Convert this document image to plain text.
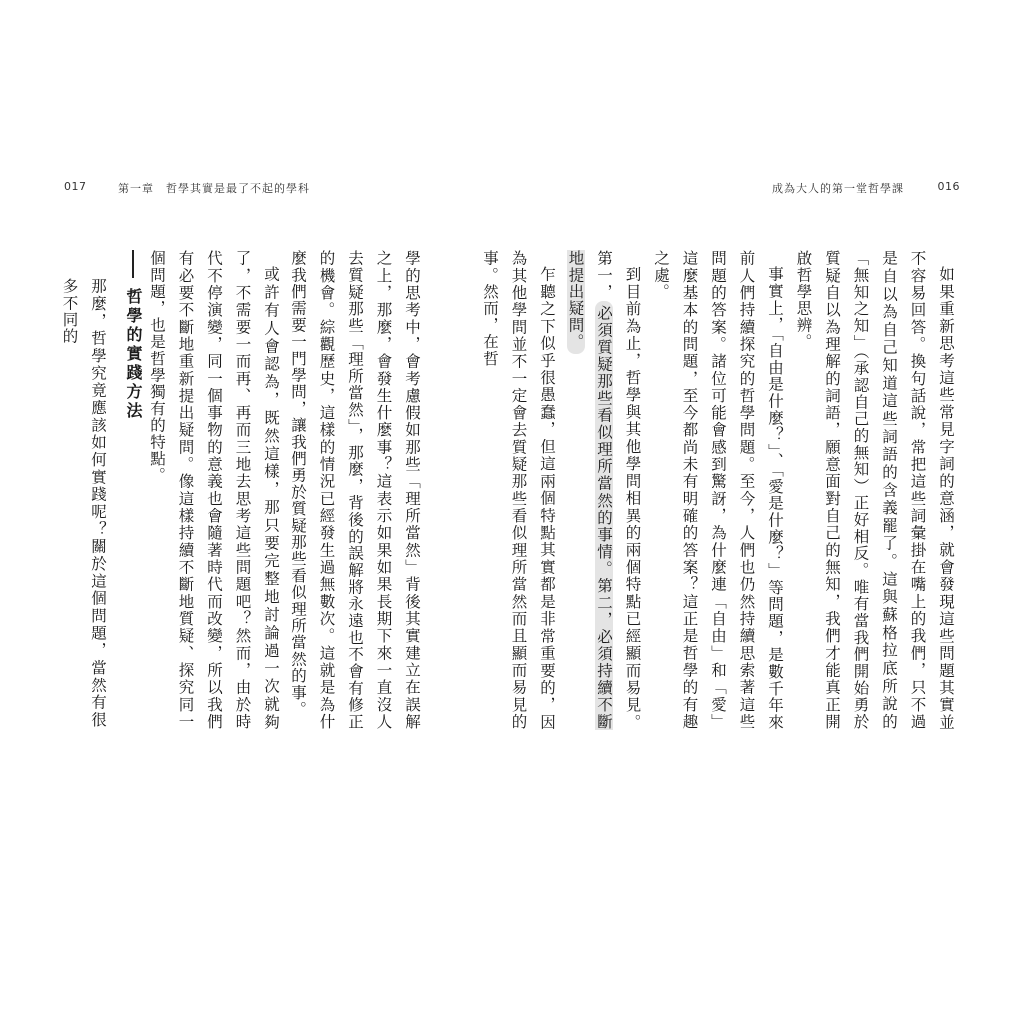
017	第一章　哲學其實是最了不起的學科	成為大人的第一堂哲學課	016

如果重新思考這些常見字詞的意涵，就會發現這些問題其實並不容易回答。換句話說，常把這些詞彙掛在嘴上的我們，只不過是自以為自己知道這些詞語的含義罷了。這與蘇格拉底所說的「無知之知」（承認自己的無知）正好相反。唯有當我們開始勇於質疑自以為理解的詞語，願意面對自己的無知，我們才能真正開啟哲學思辨。

事實上，「自由是什麼？」、「愛是什麼？」等問題，是數千年來前人們持續探究的哲學問題。至今，人們也仍然持續思索著這些問題的答案。諸位可能會感到驚訝，為什麼連「自由」和「愛」這麼基本的問題，至今都尚未有明確的答案？這正是哲學的有趣之處。

到目前為止，哲學與其他學問相異的兩個特點已經顯而易見。第一，必須質疑那些看似理所當然的事情。第二，必須持續不斷地提出疑問。

乍聽之下似乎很愚蠢，但這兩個特點其實都是非常重要的，因為其他學問並不一定會去質疑那些看似理所當然而且顯而易見的事。然而，在哲

學的思考中，會考慮假如那些「理所當然」背後其實建立在誤解之上，那麼，會發生什麼事？這表示如果如果長期下來一直沒人去質疑那些「理所當然」，那麼，背後的誤解將永遠也不會有修正的機會。綜觀歷史，這樣的情況已經發生過無數次。這就是為什麼我們需要一門學問，讓我們勇於質疑那些看似理所當然的事。

或許有人會認為，既然這樣，那只要完整地討論過一次就夠了，不需要一而再、再而三地去思考這些問題吧？然而，由於時代不停演變，同一個事物的意義也會隨著時代而改變，所以我們有必要不斷地重新提出疑問。像這樣持續不斷地質疑、探究同一個問題，也是哲學獨有的特點。

哲學的實踐方法

那麼，哲學究竟應該如何實踐呢？關於這個問題，當然有很多不同的
